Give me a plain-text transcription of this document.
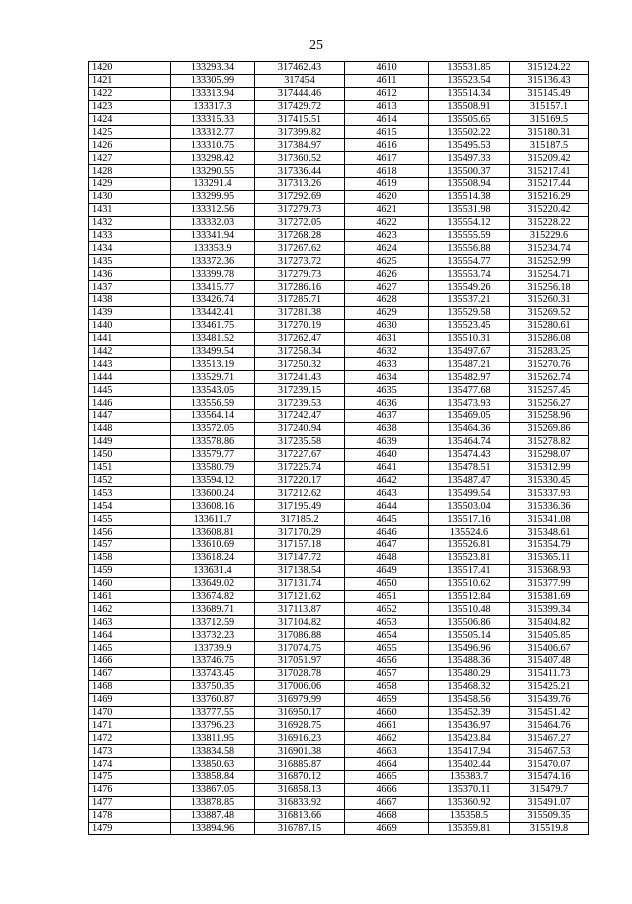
25
1420	133293.34	317462.43	4610	135531.85	315124.22
1421	133305.99	317454	4611	135523.54	315136.43
1422	133313.94	317444.46	4612	135514.34	315145.49
1423	133317.3	317429.72	4613	135508.91	315157.1
1424	133315.33	317415.51	4614	135505.65	315169.5
1425	133312.77	317399.82	4615	135502.22	315180.31
1426	133310.75	317384.97	4616	135495.53	315187.5
1427	133298.42	317360.52	4617	135497.33	315209.42
1428	133290.55	317336.44	4618	135500.37	315217.41
1429	133291.4	317313.26	4619	135508.94	315217.44
1430	133299.95	317292.69	4620	135514.38	315216.29
1431	133312.56	317279.73	4621	135531.98	315220.42
1432	133332.03	317272.05	4622	135554.12	315228.22
1433	133341.94	317268.28	4623	135555.59	315229.6
1434	133353.9	317267.62	4624	135556.88	315234.74
1435	133372.36	317273.72	4625	135554.77	315252.99
1436	133399.78	317279.73	4626	135553.74	315254.71
1437	133415.77	317286.16	4627	135549.26	315256.18
1438	133426.74	317285.71	4628	135537.21	315260.31
1439	133442.41	317281.38	4629	135529.58	315269.52
1440	133461.75	317270.19	4630	135523.45	315280.61
1441	133481.52	317262.47	4631	135510.31	315286.08
1442	133499.54	317258.34	4632	135497.67	315283.25
1443	133513.19	317250.32	4633	135487.21	315270.76
1444	133529.71	317241.43	4634	135482.97	315262.74
1445	133543.05	317239.15	4635	135477.68	315257.45
1446	133556.59	317239.53	4636	135473.93	315256.27
1447	133564.14	317242.47	4637	135469.05	315258.96
1448	133572.05	317240.94	4638	135464.36	315269.86
1449	133578.86	317235.58	4639	135464.74	315278.82
1450	133579.77	317227.67	4640	135474.43	315298.07
1451	133580.79	317225.74	4641	135478.51	315312.99
1452	133594.12	317220.17	4642	135487.47	315330.45
1453	133600.24	317212.62	4643	135499.54	315337.93
1454	133608.16	317195.49	4644	135503.04	315336.36
1455	133611.7	317185.2	4645	135517.16	315341.08
1456	133608.81	317170.29	4646	135524.6	315348.61
1457	133610.69	317157.18	4647	135526.81	315354.79
1458	133618.24	317147.72	4648	135523.81	315365.11
1459	133631.4	317138.54	4649	135517.41	315368.93
1460	133649.02	317131.74	4650	135510.62	315377.99
1461	133674.82	317121.62	4651	135512.84	315381.69
1462	133689.71	317113.87	4652	135510.48	315399.34
1463	133712.59	317104.82	4653	135506.86	315404.82
1464	133732.23	317086.88	4654	135505.14	315405.85
1465	133739.9	317074.75	4655	135496.96	315406.67
1466	133746.75	317051.97	4656	135488.36	315407.48
1467	133743.45	317028.78	4657	135480.29	315411.73
1468	133750.35	317006.06	4658	135468.32	315425.21
1469	133760.87	316979.99	4659	135458.56	315439.76
1470	133777.55	316950.17	4660	135452.39	315451.42
1471	133796.23	316928.75	4661	135436.97	315464.76
1472	133811.95	316916.23	4662	135423.84	315467.27
1473	133834.58	316901.38	4663	135417.94	315467.53
1474	133850.63	316885.87	4664	135402.44	315470.07
1475	133858.84	316870.12	4665	135383.7	315474.16
1476	133867.05	316858.13	4666	135370.11	315479.7
1477	133878.85	316833.92	4667	135360.92	315491.07
1478	133887.48	316813.66	4668	135358.5	315509.35
1479	133894.96	316787.15	4669	135359.81	315519.8
